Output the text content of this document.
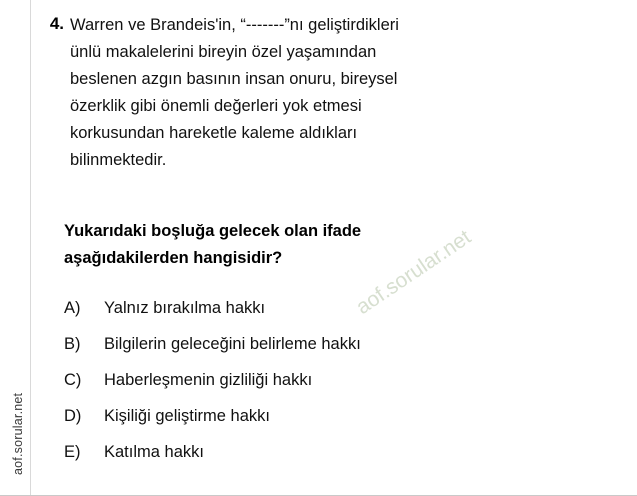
aof.sorular.net
4. Warren ve Brandeis'in, “-------”nı geliştirdikleri
ünlü makalelerini bireyin özel yaşamından
beslenen azgın basının insan onuru, bireysel
özerklik gibi önemli değerleri yok etmesi
korkusundan hareketle kaleme aldıkları
bilinmektedir.
Yukarıdaki boşluğa gelecek olan ifade
aşağıdakilerden hangisidir?
A)	Yalnız bırakılma hakkı
B)	Bilgilerin geleceğini belirleme hakkı
C)	Haberleşmenin gizliliği hakkı
D)	Kişiliği geliştirme hakkı
E)	Katılma hakkı
aof.sorular.net
